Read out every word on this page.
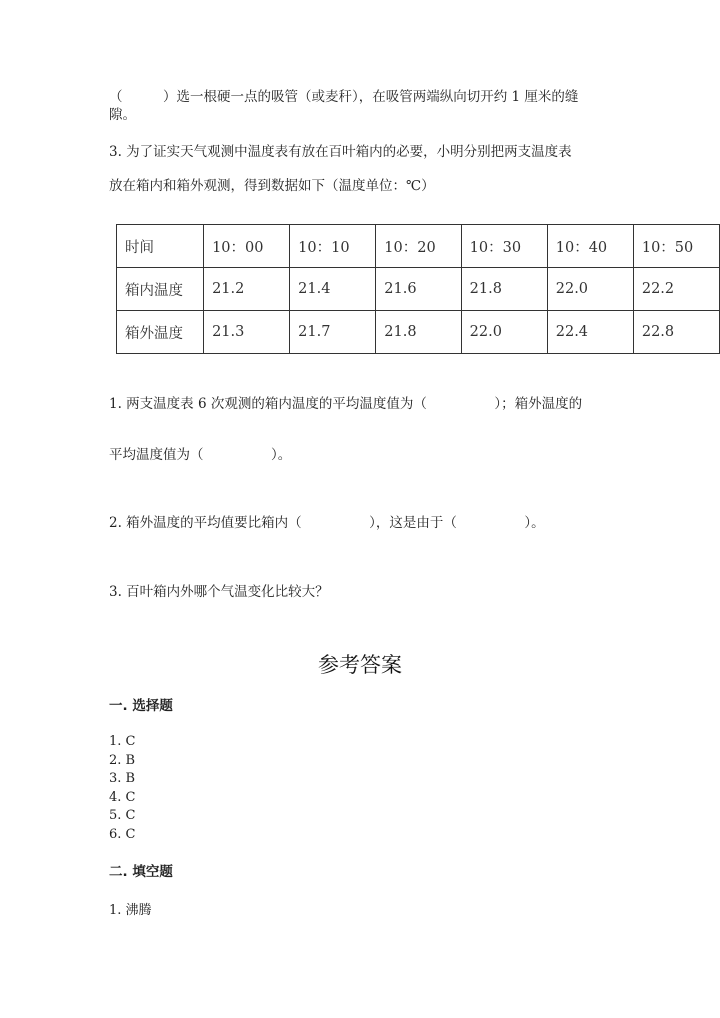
（　　　）选一根硬一点的吸管（或麦秆），在吸管两端纵向切开约 1 厘米的缝
隙。
3. 为了证实天气观测中温度表有放在百叶箱内的必要，小明分别把两支温度表
放在箱内和箱外观测，得到数据如下（温度单位：℃）
时间	10：00	10：10	10：20	10：30	10：40	10：50
箱内温度	21.2	21.4	21.6	21.8	22.0	22.2
箱外温度	21.3	21.7	21.8	22.0	22.4	22.8
1. 两支温度表 6 次观测的箱内温度的平均温度值为（　　　　　）；箱外温度的
平均温度值为（　　　　　）。
2. 箱外温度的平均值要比箱内（　　　　　），这是由于（　　　　　）。
3. 百叶箱内外哪个气温变化比较大？
参考答案
一. 选择题
1. C
2. B
3. B
4. C
5. C
6. C
二. 填空题
1. 沸腾
